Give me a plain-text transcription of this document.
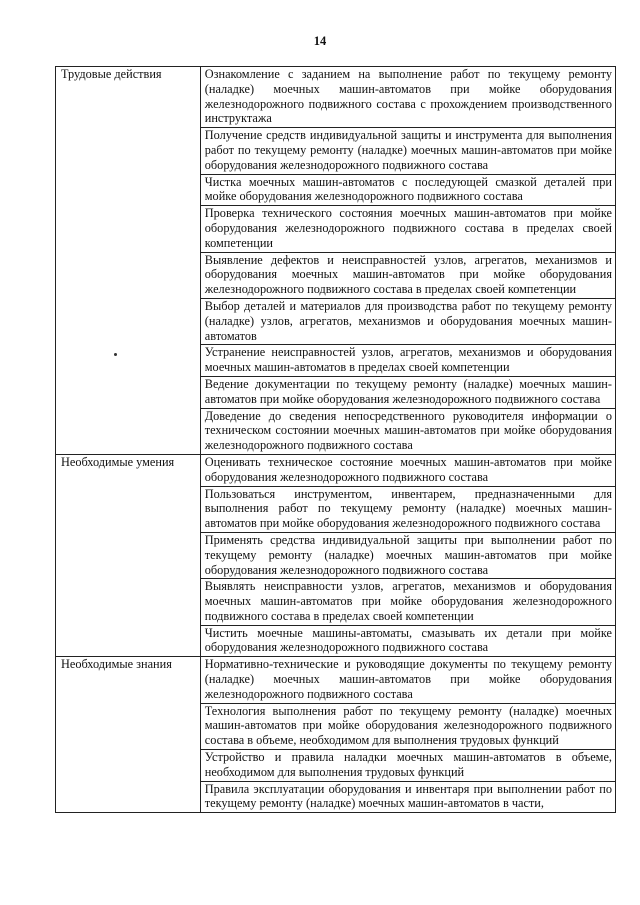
14
Трудовые действия	Ознакомление с заданием на выполнение работ по текущему ремонту (наладке) моечных машин-автоматов при мойке оборудования железнодорожного подвижного состава с прохождением производственного инструктажа
	Получение средств индивидуальной защиты и инструмента для выполнения работ по текущему ремонту (наладке) моечных машин-автоматов при мойке оборудования железнодорожного подвижного состава
	Чистка моечных машин-автоматов с последующей смазкой деталей при мойке оборудования железнодорожного подвижного состава
	Проверка технического состояния моечных машин-автоматов при мойке оборудования железнодорожного подвижного состава в пределах своей компетенции
	Выявление дефектов и неисправностей узлов, агрегатов, механизмов и оборудования моечных машин-автоматов при мойке оборудования железнодорожного подвижного состава в пределах своей компетенции
	Выбор деталей и материалов для производства работ по текущему ремонту (наладке) узлов, агрегатов, механизмов и оборудования моечных машин-автоматов
	Устранение неисправностей узлов, агрегатов, механизмов и оборудования моечных машин-автоматов в пределах своей компетенции
	Ведение документации по текущему ремонту (наладке) моечных машин-автоматов при мойке оборудования железнодорожного подвижного состава
	Доведение до сведения непосредственного руководителя информации о техническом состоянии моечных машин-автоматов при мойке оборудования железнодорожного подвижного состава
Необходимые умения	Оценивать техническое состояние моечных машин-автоматов при мойке оборудования железнодорожного подвижного состава
	Пользоваться инструментом, инвентарем, предназначенными для выполнения работ по текущему ремонту (наладке) моечных машин-автоматов при мойке оборудования железнодорожного подвижного состава
	Применять средства индивидуальной защиты при выполнении работ по текущему ремонту (наладке) моечных машин-автоматов при мойке оборудования железнодорожного подвижного состава
	Выявлять неисправности узлов, агрегатов, механизмов и оборудования моечных машин-автоматов при мойке оборудования железнодорожного подвижного состава в пределах своей компетенции
	Чистить моечные машины-автоматы, смазывать их детали при мойке оборудования железнодорожного подвижного состава
Необходимые знания	Нормативно-технические и руководящие документы по текущему ремонту (наладке) моечных машин-автоматов при мойке оборудования железнодорожного подвижного состава
	Технология выполнения работ по текущему ремонту (наладке) моечных машин-автоматов при мойке оборудования железнодорожного подвижного состава в объеме, необходимом для выполнения трудовых функций
	Устройство и правила наладки моечных машин-автоматов в объеме, необходимом для выполнения трудовых функций
	Правила эксплуатации оборудования и инвентаря при выполнении работ по текущему ремонту (наладке) моечных машин-автоматов в части,
